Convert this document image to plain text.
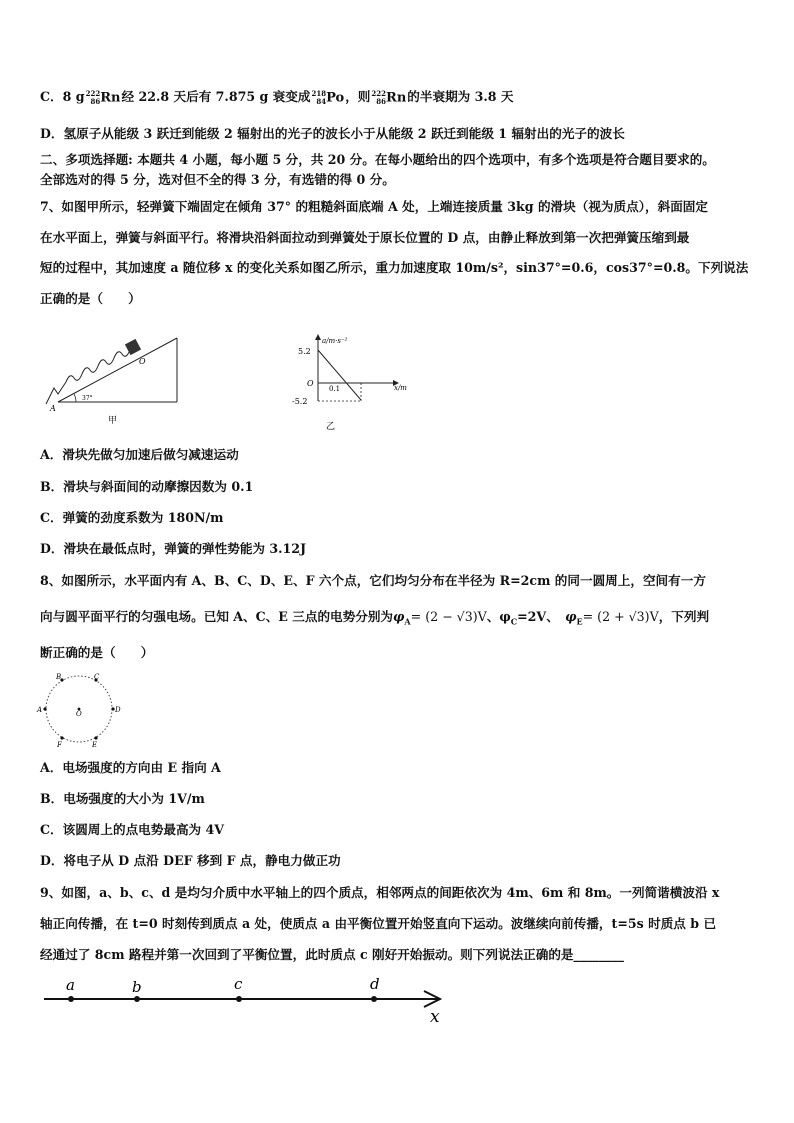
C．8 g222
86Rn经 22.8 天后有 7.875 g 衰变成218
84Po，则222
86Rn的半衰期为 3.8 天
D．氢原子从能级 3 跃迁到能级 2 辐射出的光子的波长小于从能级 2 跃迁到能级 1 辐射出的光子的波长
二、多项选择题: 本题共 4 小题，每小题 5 分，共 20 分。在每小题给出的四个选项中，有多个选项是符合题目要求的。
全部选对的得 5 分，选对但不全的得 3 分，有选错的得 0 分。
7、如图甲所示，轻弹簧下端固定在倾角 37° 的粗糙斜面底端 A 处，上端连接质量 3kg 的滑块（视为质点），斜面固定
在水平面上，弹簧与斜面平行。将滑块沿斜面拉动到弹簧处于原长位置的 D 点，由静止释放到第一次把弹簧压缩到最
短的过程中，其加速度 a 随位移 x 的变化关系如图乙所示，重力加速度取 10m/s²，sin37°=0.6，cos37°=0.8。下列说法
正确的是（　　）
O
A
37°
甲
a/m·s⁻²
x/m
5.2
-5.2
O
0.1
乙
A．滑块先做匀加速后做匀减速运动
B．滑块与斜面间的动摩擦因数为 0.1
C．弹簧的劲度系数为 180N/m
D．滑块在最低点时，弹簧的弹性势能为 3.12J
8、如图所示，水平面内有 A、B、C、D、E、F 六个点，它们均匀分布在半径为 R=2cm 的同一圆周上，空间有一方
向与圆平面平行的匀强电场。已知 A、C、E 三点的电势分别为$\varphi_A= (2 - √3)V$、$\varphi_C=2V$、　 $\varphi_E= (2 + √3)V$，下列判
断正确的是（　　）
A
B	C
D
E
F
O
A．电场强度的方向由 E 指向 A
B．电场强度的大小为 1V/m
C．该圆周上的点电势最高为 4V
D．将电子从 D 点沿 DEF 移到 F 点，静电力做正功
9、如图，a、b、c、d 是均匀介质中水平轴上的四个质点，相邻两点的间距依次为 4m、6m 和 8m。一列简谐横波沿 x
轴正向传播，在 t=0 时刻传到质点 a 处，使质点 a 由平衡位置开始竖直向下运动。波继续向前传播，t=5s 时质点 b 已
经通过了 8cm 路程并第一次回到了平衡位置，此时质点 c 刚好开始振动。则下列说法正确的是________
a	b	c	d
x
